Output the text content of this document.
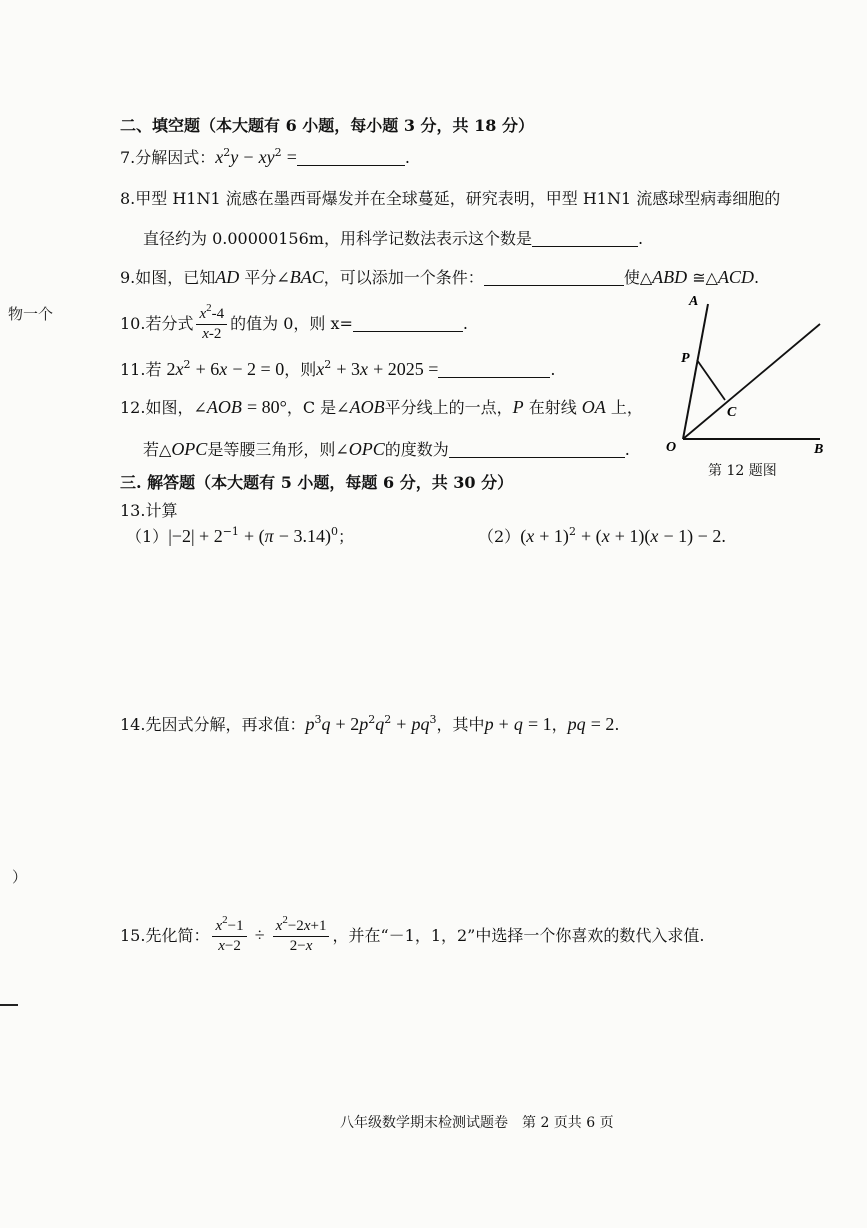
二、填空题（本大题有 6 小题，每小题 3 分，共 18 分）
7.分解因式：$x^2y - xy^2$ =	.
8.甲型 H1N1 流感在墨西哥爆发并在全球蔓延，研究表明，甲型 H1N1 流感球型病毒细胞的
直径约为 0.00000156m，用科学记数法表示这个数是	.
9.如图，已知AD 平分∠BAC，可以添加一个条件：	使△ABD ≅△ACD.
10.若分式 $\frac{x^2-4}{x-2}$ 的值为 0，则 x=	.
11.若 $2x^2 + 6x - 2 = 0$，则$x^2 + 3x + 2025$ =	.
12.如图，∠AOB = 80°，C 是∠AOB平分线上的一点，P 在射线 OA 上，
若△OPC是等腰三角形，则∠OPC的度数为	.
A
P
C
O	B
第 12 题图
三. 解答题（本大题有 5 小题，每题 6 分，共 30 分）
13.计算
$(1)|-2| + 2^{-1} + (\pi - 3.14)^0$；	$(2)(x + 1)^2 + (x + 1)(x - 1) - 2$.
14.先因式分解，再求值：$p^3q + 2p^2q^2 + pq^3$，其中p + q = 1，pq = 2.
15.先化简： $\frac{x^2-1}{x-2} \div \frac{x^2-2x+1}{2-x}$ ，并在“－1，1，2”中选择一个你喜欢的数代入求值.
物一个
）
八年级数学期末检测试题卷　第 2 页共 6 页
